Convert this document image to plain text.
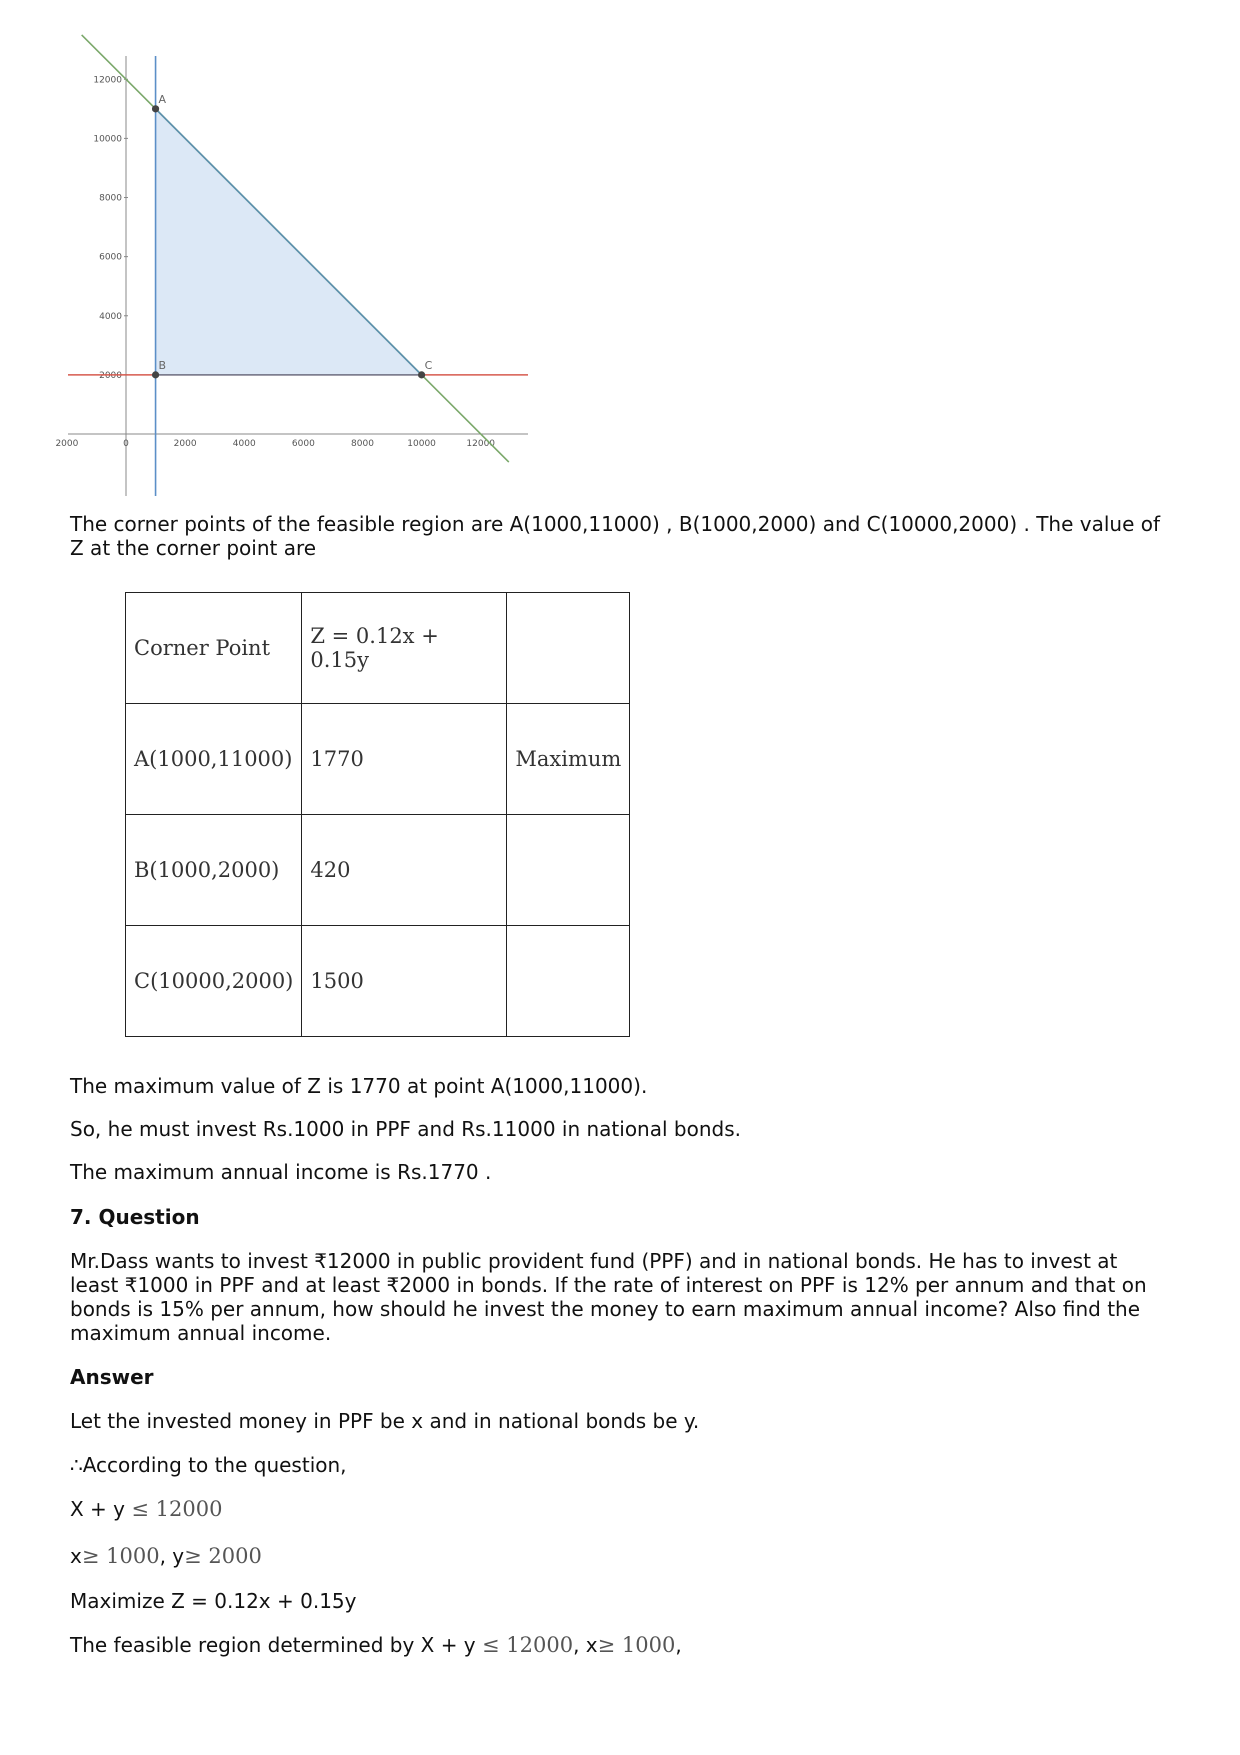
2000	0	2000	4000	6000	8000	10000	12000
12000
10000
8000
6000
4000
2000
A
B	C

The corner points of the feasible region are A(1000,11000) , B(1000,2000) and C(10000,2000) . The value of
Z at the corner point are

Corner Point	Z = 0.12x + 0.15y	
A(1000,11000)	1770	Maximum
B(1000,2000)	420	
C(10000,2000)	1500	

The maximum value of Z is 1770 at point A(1000,11000).

So, he must invest Rs.1000 in PPF and Rs.11000 in national bonds.

The maximum annual income is Rs.1770 .

7. Question

Mr.Dass wants to invest ₹12000 in public provident fund (PPF) and in national bonds. He has to invest at
least ₹1000 in PPF and at least ₹2000 in bonds. If the rate of interest on PPF is 12% per annum and that on
bonds is 15% per annum, how should he invest the money to earn maximum annual income? Also find the
maximum annual income.

Answer

Let the invested money in PPF be x and in national bonds be y.

∴According to the question,

X + y ≤ 12000

x≥ 1000, y≥ 2000

Maximize Z = 0.12x + 0.15y

The feasible region determined by X + y ≤ 12000, x≥ 1000,
